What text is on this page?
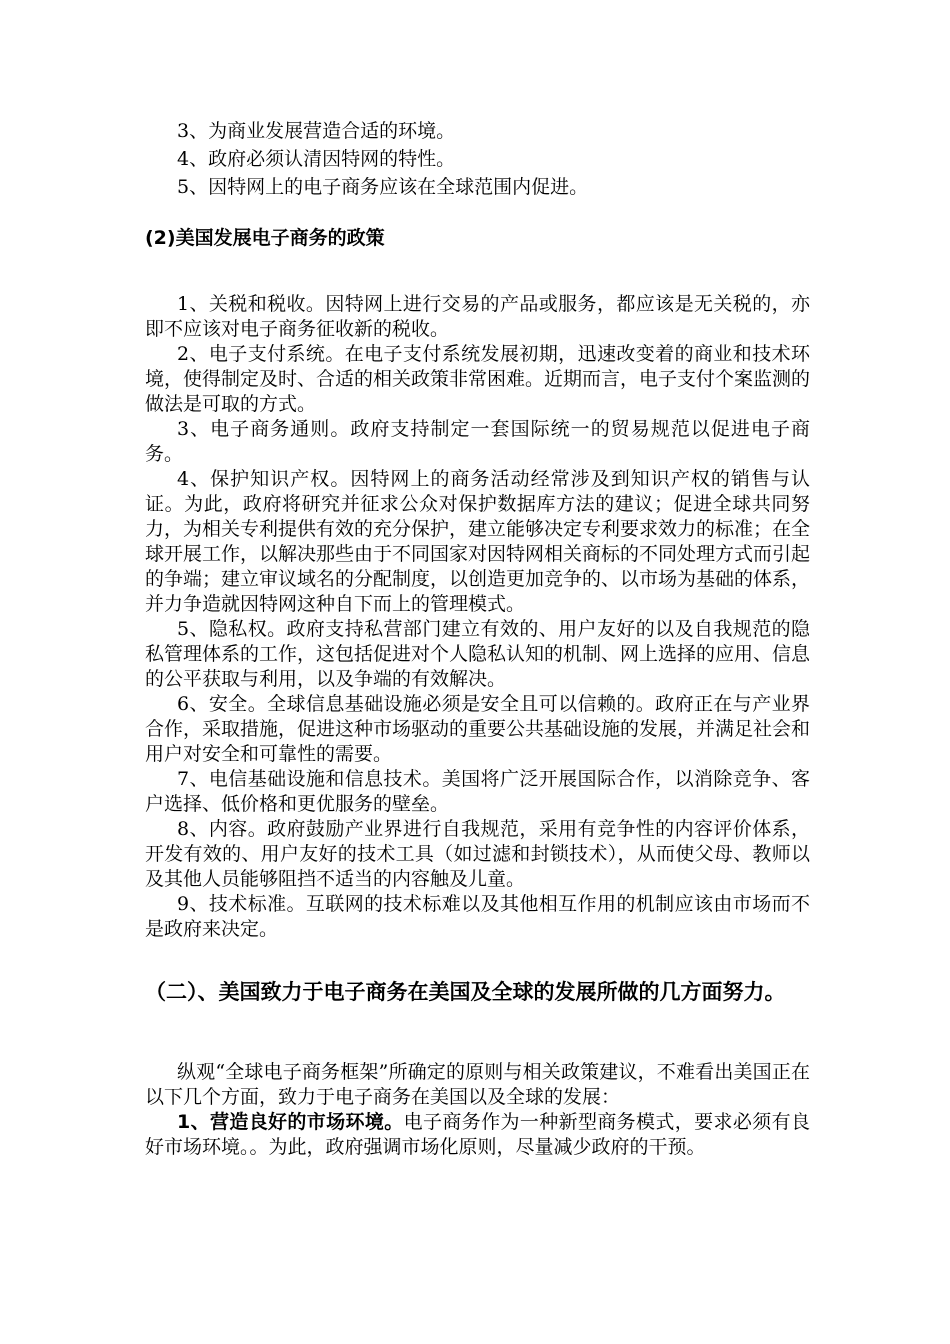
3、为商业发展营造合适的环境。
4、政府必须认清因特网的特性。
5、因特网上的电子商务应该在全球范围内促进。
(2)美国发展电子商务的政策

1、关税和税收。因特网上进行交易的产品或服务，都应该是无关税的，亦即不应该对电子商务征收新的税收。

2、电子支付系统。在电子支付系统发展初期，迅速改变着的商业和技术环境，使得制定及时、合适的相关政策非常困难。近期而言，电子支付个案监测的做法是可取的方式。

3、电子商务通则。政府支持制定一套国际统一的贸易规范以促进电子商务。

4、保护知识产权。因特网上的商务活动经常涉及到知识产权的销售与认证。为此，政府将研究并征求公众对保护数据库方法的建议；促进全球共同努力，为相关专利提供有效的充分保护，建立能够决定专利要求效力的标准；在全球开展工作，以解决那些由于不同国家对因特网相关商标的不同处理方式而引起的争端；建立审议域名的分配制度，以创造更加竞争的、以市场为基础的体系，并力争造就因特网这种自下而上的管理模式。

5、隐私权。政府支持私营部门建立有效的、用户友好的以及自我规范的隐私管理体系的工作，这包括促进对个人隐私认知的机制、网上选择的应用、信息的公平获取与利用，以及争端的有效解决。

6、安全。全球信息基础设施必须是安全且可以信赖的。政府正在与产业界合作，采取措施，促进这种市场驱动的重要公共基础设施的发展，并满足社会和用户对安全和可靠性的需要。

7、电信基础设施和信息技术。美国将广泛开展国际合作，以消除竞争、客户选择、低价格和更优服务的壁垒。

8、内容。政府鼓励产业界进行自我规范，采用有竞争性的内容评价体系，开发有效的、用户友好的技术工具（如过滤和封锁技术），从而使父母、教师以及其他人员能够阻挡不适当的内容触及儿童。

9、技术标准。互联网的技术标难以及其他相互作用的机制应该由市场而不是政府来决定。

（二）、美国致力于电子商务在美国及全球的发展所做的几方面努力。

纵观“全球电子商务框架”所确定的原则与相关政策建议，不难看出美国正在以下几个方面，致力于电子商务在美国以及全球的发展：

1、营造良好的市场环境。电子商务作为一种新型商务模式，要求必须有良好市场环境。。为此，政府强调市场化原则，尽量减少政府的干预。
